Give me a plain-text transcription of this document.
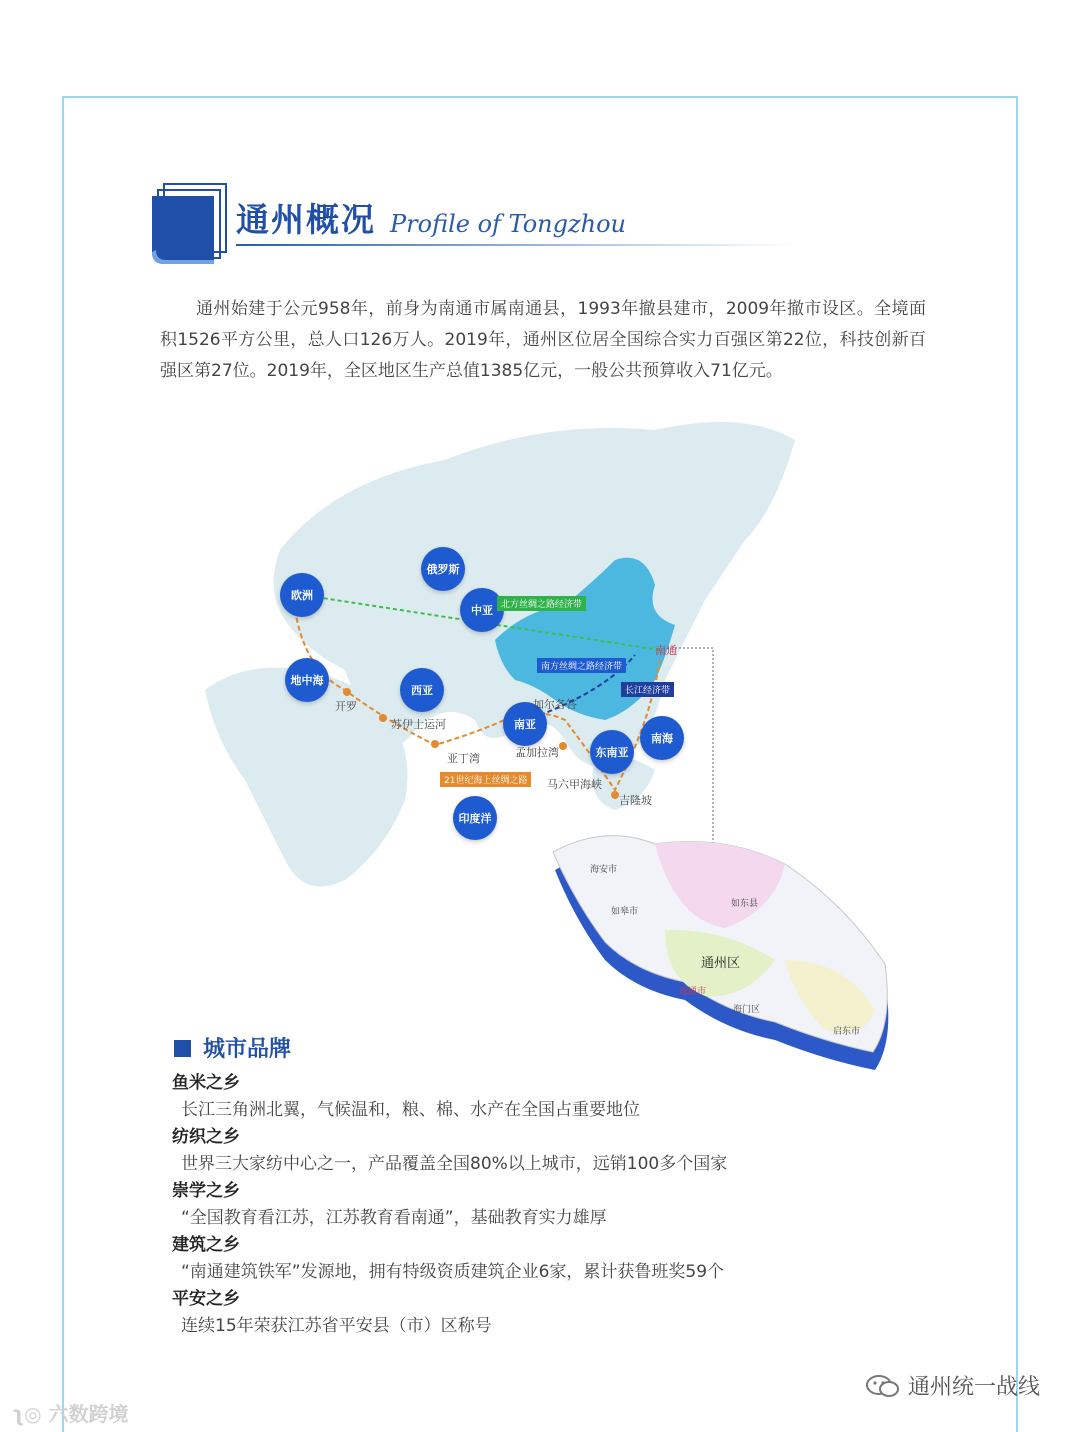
通州概况 Profile of Tongzhou
通州始建于公元958年，前身为南通市属南通县，1993年撤县建市，2009年撤市设区。全境面积1526平方公里，总人口126万人。2019年，通州区位居全国综合实力百强区第22位，科技创新百强区第27位。2019年，全区地区生产总值1385亿元，一般公共预算收入71亿元。
欧洲
俄罗斯
中亚
地中海
西亚
南亚
东南亚
南海
印度洋
开罗
苏伊士运河
亚丁湾
加尔各答
孟加拉湾
马六甲海峡
吉隆坡
南通
北方丝绸之路经济带
南方丝绸之路经济带
长江经济带
21世纪海上丝绸之路
海安市
如皋市
如东县
通州区
南通市
海门区
启东市
城市品牌
鱼米之乡
长江三角洲北翼，气候温和，粮、棉、水产在全国占重要地位
纺织之乡
世界三大家纺中心之一，产品覆盖全国80%以上城市，远销100多个国家
崇学之乡
“全国教育看江苏，江苏教育看南通”，基础教育实力雄厚
建筑之乡
“南通建筑铁军”发源地，拥有特级资质建筑企业6家，累计获鲁班奖59个
平安之乡
连续15年荣获江苏省平安县（市）区称号
通州统一战线
ʅ◎ 六数跨境
